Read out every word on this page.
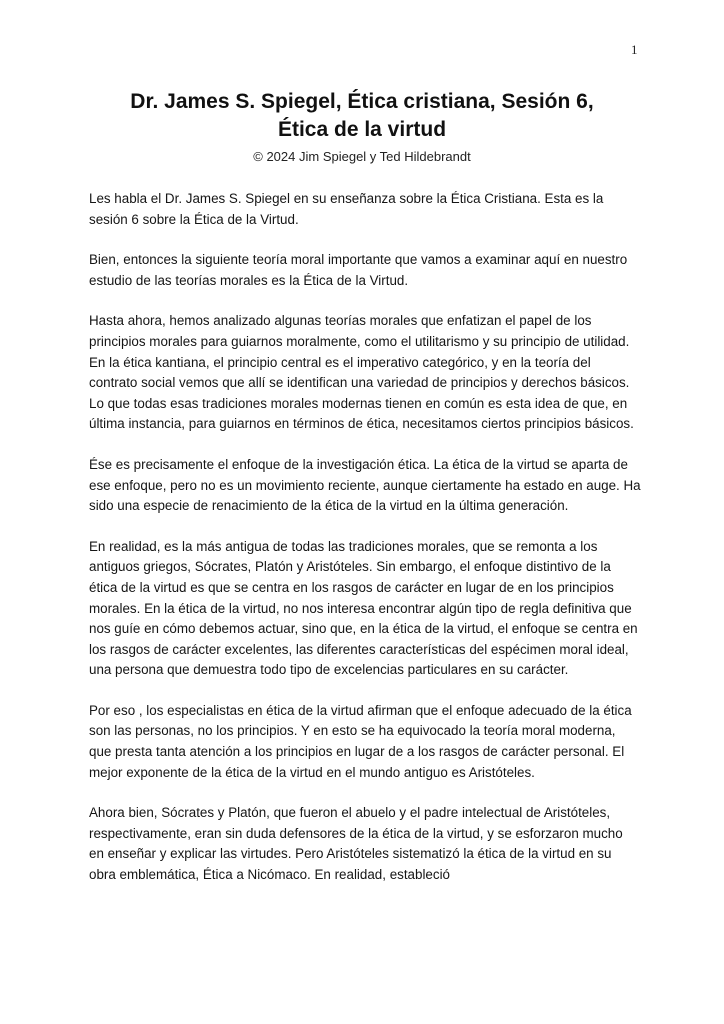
1
Dr. James S. Spiegel, Ética cristiana, Sesión 6,
Ética de la virtud
© 2024 Jim Spiegel y Ted Hildebrandt

Les habla el Dr. James S. Spiegel en su enseñanza sobre la Ética Cristiana. Esta es la sesión 6 sobre la Ética de la Virtud.

Bien, entonces la siguiente teoría moral importante que vamos a examinar aquí en nuestro estudio de las teorías morales es la Ética de la Virtud.

Hasta ahora, hemos analizado algunas teorías morales que enfatizan el papel de los principios morales para guiarnos moralmente, como el utilitarismo y su principio de utilidad. En la ética kantiana, el principio central es el imperativo categórico, y en la teoría del contrato social vemos que allí se identifican una variedad de principios y derechos básicos. Lo que todas esas tradiciones morales modernas tienen en común es esta idea de que, en última instancia, para guiarnos en términos de ética, necesitamos ciertos principios básicos.

Ése es precisamente el enfoque de la investigación ética. La ética de la virtud se aparta de ese enfoque, pero no es un movimiento reciente, aunque ciertamente ha estado en auge. Ha sido una especie de renacimiento de la ética de la virtud en la última generación.

En realidad, es la más antigua de todas las tradiciones morales, que se remonta a los antiguos griegos, Sócrates, Platón y Aristóteles. Sin embargo, el enfoque distintivo de la ética de la virtud es que se centra en los rasgos de carácter en lugar de en los principios morales. En la ética de la virtud, no nos interesa encontrar algún tipo de regla definitiva que nos guíe en cómo debemos actuar, sino que, en la ética de la virtud, el enfoque se centra en los rasgos de carácter excelentes, las diferentes características del espécimen moral ideal, una persona que demuestra todo tipo de excelencias particulares en su carácter.

Por eso , los especialistas en ética de la virtud afirman que el enfoque adecuado de la ética son las personas, no los principios. Y en esto se ha equivocado la teoría moral moderna, que presta tanta atención a los principios en lugar de a los rasgos de carácter personal. El mejor exponente de la ética de la virtud en el mundo antiguo es Aristóteles.

Ahora bien, Sócrates y Platón, que fueron el abuelo y el padre intelectual de Aristóteles, respectivamente, eran sin duda defensores de la ética de la virtud, y se esforzaron mucho en enseñar y explicar las virtudes. Pero Aristóteles sistematizó la ética de la virtud en su obra emblemática, Ética a Nicómaco. En realidad, estableció
